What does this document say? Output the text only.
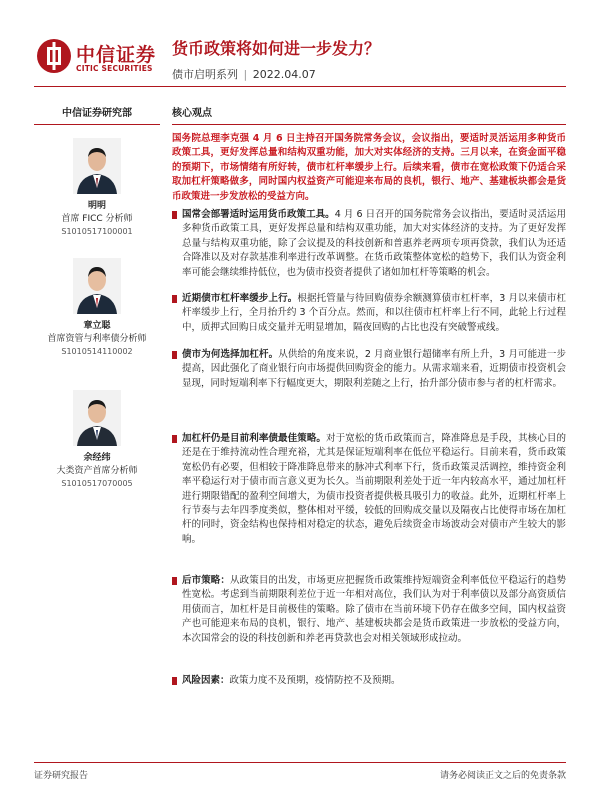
中信证券
CITIC SECURITIES
货币政策将如何进一步发力？
债市启明系列 | 2022.04.07
中信证券研究部
明明
首席 FICC 分析师
S1010517100001
章立聪
首席资管与利率债分析师
S1010514110002
余经纬
大类资产首席分析师
S1010517070005
核心观点
国务院总理李克强 4 月 6 日主持召开国务院常务会议，会议指出，要适时灵活运用多种货币政策工具，更好发挥总量和结构双重功能，加大对实体经济的支持。三月以来，在资金面平稳的预期下，市场情绪有所好转，债市杠杆率缓步上行。后续来看，债市在宽松政策下仍适合采取加杠杆策略做多，同时国内权益资产可能迎来布局的良机，银行、地产、基建板块都会是货币政策进一步发放松的受益方向。
国常会部署适时运用货币政策工具。4 月 6 日召开的国务院常务会议指出，要适时灵活运用多种货币政策工具，更好发挥总量和结构双重功能，加大对实体经济的支持。为了更好发挥总量与结构双重功能，除了会议提及的科技创新和普惠养老两项专项再贷款，我们认为还适合降准以及对存款基准利率进行改革调整。在货币政策整体宽松的趋势下，我们认为资金利率可能会继续维持低位，也为债市投资者提供了诸如加杠杆等策略的机会。
近期债市杠杆率缓步上行。根据托管量与待回购债券余额测算债市杠杆率，3 月以来债市杠杆率缓步上行，全月抬升约 3 个百分点。然而，和以往债市杠杆率上行不同，此轮上行过程中，质押式回购日成交量并无明显增加，隔夜回购的占比也没有突破警戒线。
债市为何选择加杠杆。从供给的角度来说，2 月商业银行超储率有所上升，3 月可能进一步提高，因此强化了商业银行向市场提供回购资金的能力。从需求端来看，近期债市投资机会显现，同时短端利率下行幅度更大，期限利差随之上行，抬升部分债市参与者的杠杆需求。
加杠杆仍是目前利率债最佳策略。对于宽松的货币政策而言，降准降息是手段，其核心目的还是在于维持流动性合理充裕，尤其是保证短端利率在低位平稳运行。目前来看，货币政策宽松仍有必要，但相较于降准降息带来的脉冲式利率下行，货币政策灵活调控，维持资金利率平稳运行对于债市而言意义更为长久。当前期限利差处于近一年内较高水平，通过加杠杆进行期限错配的盈利空间增大，为债市投资者提供极具吸引力的收益。此外，近期杠杆率上行节奏与去年四季度类似，整体相对平缓，较低的回购成交量以及隔夜占比使得市场在加杠杆的同时，资金结构也保持相对稳定的状态，避免后续资金市场波动会对债市产生较大的影响。
后市策略：从政策目的出发，市场更应把握货币政策维持短端资金利率低位平稳运行的趋势性宽松。考虑到当前期限利差位于近一年相对高位，我们认为对于利率债以及部分高资质信用债而言，加杠杆是目前极佳的策略。除了债市在当前环境下仍存在做多空间，国内权益资产也可能迎来布局的良机，银行、地产、基建板块都会是货币政策进一步放松的受益方向，本次国常会的设的科技创新和养老再贷款也会对相关领域形成拉动。
风险因素：政策力度不及预期，疫情防控不及预期。
证券研究报告	请务必阅读正文之后的免责条款
